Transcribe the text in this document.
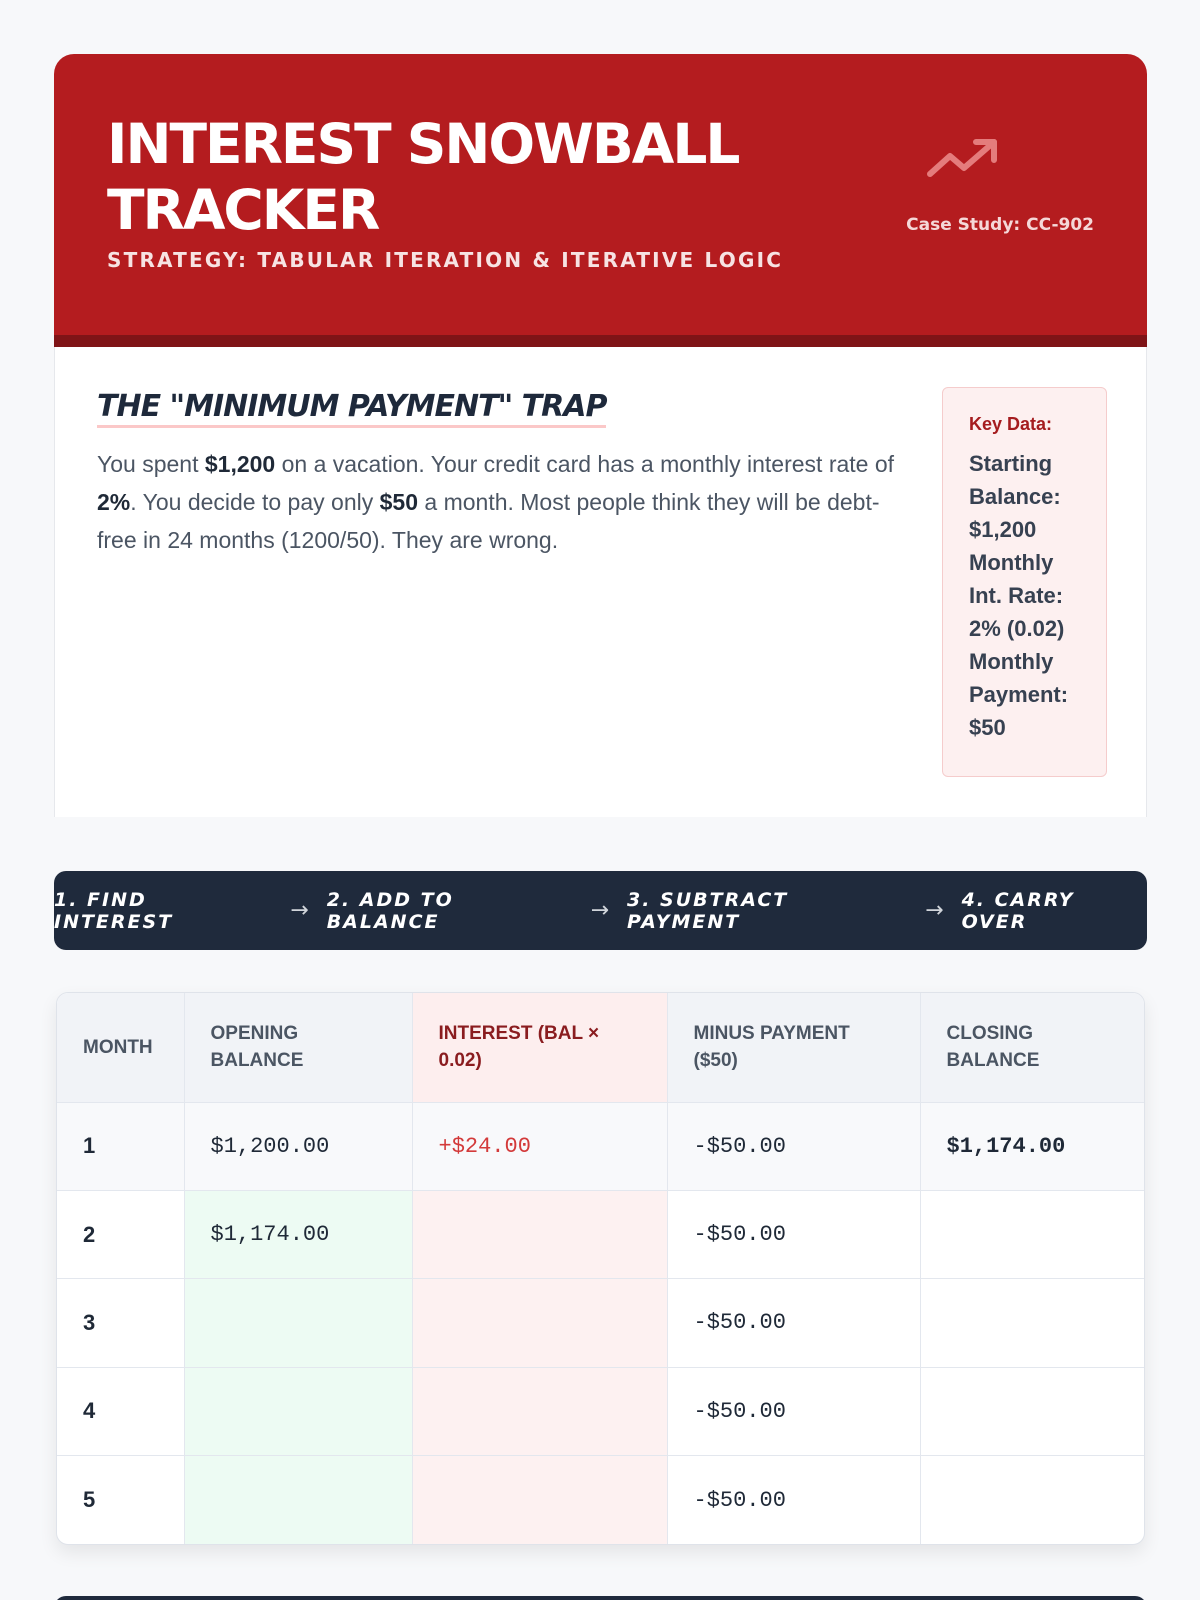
INTEREST SNOWBALL TRACKER
STRATEGY: TABULAR ITERATION & ITERATIVE LOGIC
Case Study: CC-902
THE "MINIMUM PAYMENT" TRAP
You spent $1,200 on a vacation. Your credit card has a monthly interest rate of 2%. You decide to pay only $50 a month. Most people think they will be debt-free in 24 months (1200/50). They are wrong.
Key Data:
Starting Balance: $1,200
Monthly Int. Rate: 2% (0.02)
Monthly Payment: $50
1. FIND INTEREST	→ 2. ADD TO BALANCE	→ 3. SUBTRACT PAYMENT	→ 4. CARRY OVER
MONTH	OPENING BALANCE	INTEREST (BAL × 0.02)	MINUS PAYMENT ($50)	CLOSING BALANCE
1	$1,200.00	+$24.00	-$50.00	$1,174.00
2	$1,174.00		-$50.00	
3			-$50.00	
4			-$50.00	
5			-$50.00	
